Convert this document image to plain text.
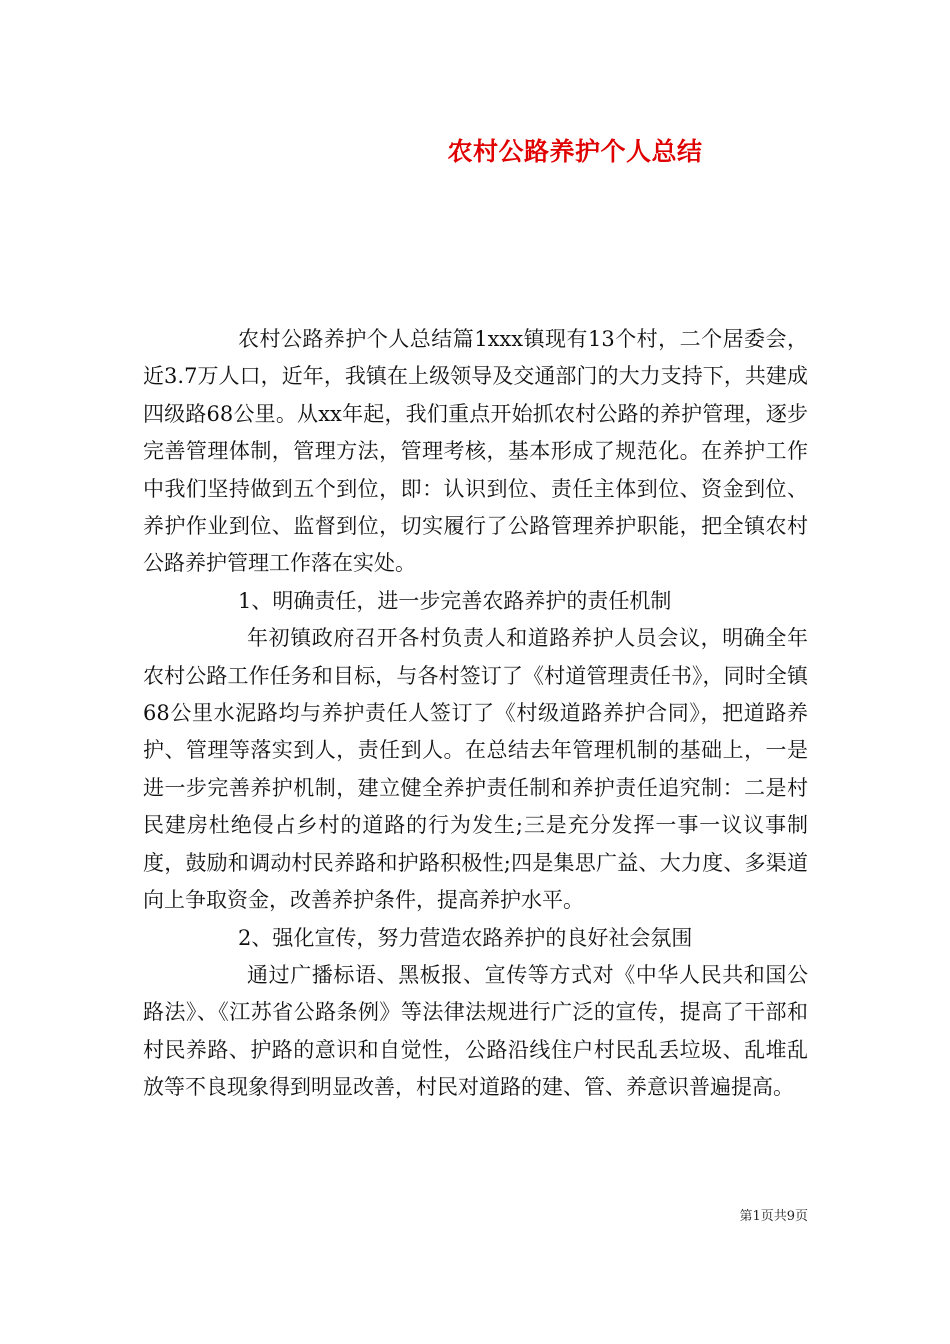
农村公路养护个人总结

农村公路养护个人总结篇1xxx镇现有13个村，二个居委会，近3.7万人口，近年，我镇在上级领导及交通部门的大力支持下，共建成四级路68公里。从xx年起，我们重点开始抓农村公路的养护管理，逐步完善管理体制，管理方法，管理考核，基本形成了规范化。在养护工作中我们坚持做到五个到位，即：认识到位、责任主体到位、资金到位、养护作业到位、监督到位，切实履行了公路管理养护职能，把全镇农村公路养护管理工作落在实处。

1、明确责任，进一步完善农路养护的责任机制

年初镇政府召开各村负责人和道路养护人员会议，明确全年农村公路工作任务和目标，与各村签订了《村道管理责任书》，同时全镇68公里水泥路均与养护责任人签订了《村级道路养护合同》，把道路养护、管理等落实到人，责任到人。在总结去年管理机制的基础上，一是进一步完善养护机制，建立健全养护责任制和养护责任追究制：二是村民建房杜绝侵占乡村的道路的行为发生;三是充分发挥一事一议议事制度，鼓励和调动村民养路和护路积极性;四是集思广益、大力度、多渠道向上争取资金，改善养护条件，提高养护水平。

2、强化宣传，努力营造农路养护的良好社会氛围

通过广播标语、黑板报、宣传等方式对《中华人民共和国公路法》、《江苏省公路条例》等法律法规进行广泛的宣传，提高了干部和村民养路、护路的意识和自觉性，公路沿线住户村民乱丢垃圾、乱堆乱放等不良现象得到明显改善，村民对道路的建、管、养意识普遍提高。

第1页共9页
